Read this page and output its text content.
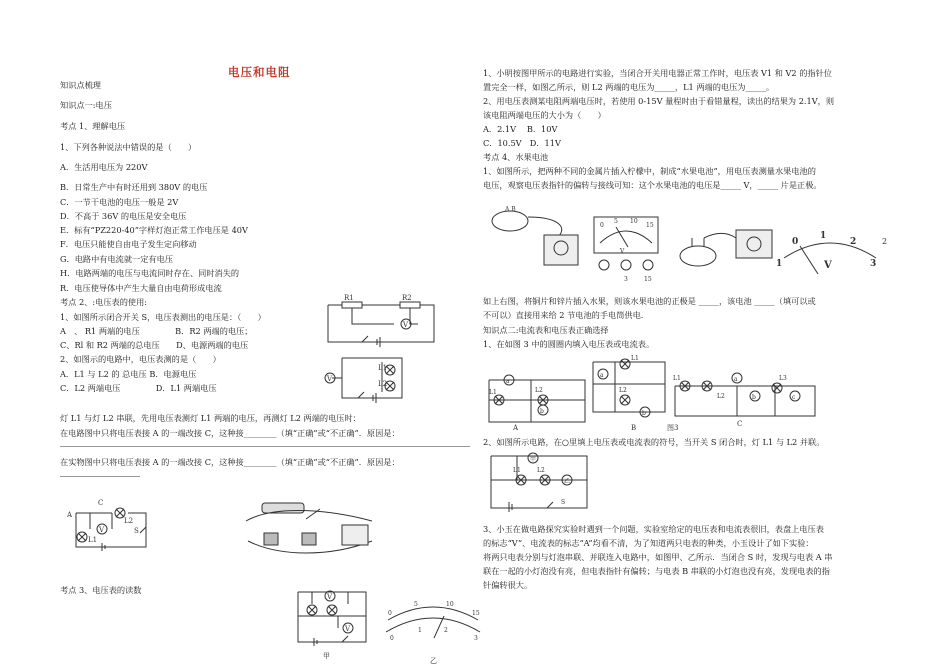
电压和电阻
知识点梳理
知识点一:电压
考点 1、理解电压
1、下列各种说法中错误的是（　　）
A．生活用电压为 220V
B．日常生产中有时还用到 380V 的电压
C．一节干电池的电压一般是 2V
D．不高于 36V 的电压是安全电压
E．标有“PZ220-40”字样灯泡正常工作电压是 40V
F．电压只能使自由电子发生定向移动
G．电路中有电流就一定有电压
H．电路两端的电压与电流同时存在、同时消失的
R．电压使导体中产生大量自由电荷形成电流
考点 2、:电压表的使用:
1、如图所示闭合开关 S，电压表测出的电压是：（　　）
A　、 R1 两端的电压　　　　 B．R2 两端的电压；
C、Rl 和 R2 两端的总电压　　D、电源两端的电压
2、如图示的电路中，电压表测的是（　　）
A．L1 与 L2 的 总电压 B．电源电压
C．L2 两端电压　　　　 D．L1 两端电压
灯 L1 与灯 L2 串联，先用电压表测灯 L1 两端的电压，再测灯 L2 两端的电压时：
在电路图中只将电压表接 A 的一端改接 C，这种接________（填“正确”或“不正确”．原因是：
在实物图中只将电压表接 A 的一端改接 C，这种接________（填“正确”或“不正确”．原因是：
考点 3、电压表的读数
1、小明按图甲所示的电路进行实验，当闭合开关用电器正常工作时，电压表 V1 和 V2 的指针位
置完全一样，如图乙所示，则 L2 两端的电压为_____，L1 两端的电压为_____。
2、用电压表测某电阻两端电压时，若使用 0-15V 量程时由于看错量程，读出的结果为 2.1V，则
该电阻两端电压的大小为（　　）
A．2.1V　 B．10V
C．10.5V　D．11V
考点 4、水果电池
1、如图所示，把两种不同的金属片插入柠檬中，制成“水果电池”，用电压表测量水果电池的
电压，观察电压表指针的偏转与接线可知：这个水果电池的电压是_____ V，_____ 片是正极。
如上右图，将铜片和锌片插入水果，则该水果电池的正极是 _____，该电池 _____（填可以或
不可以）直接用来给 2 节电池的手电筒供电.
知识点二:电流表和电压表正确选择
1、在如图 3 中的圆圈内填入电压表或电流表。
2、如图所示电路，在○里填上电压表或电流表的符号，当开关 S 闭合时，灯 L1 与 L2 并联。
3、小玉在做电路探究实验时遇到一个问题，实验室给定的电压表和电流表很旧，表盘上电压表
的标志“V”、电流表的标志“A”均看不清，为了知道两只电表的种类，小玉设计了如下实验：
将两只电表分别与灯泡串联、并联连入电路中，如图甲、乙所示．当闭合 S 时，发现与电表 A 串
联在一起的小灯泡没有亮，但电表指针有偏转；与电表 B 串联的小灯泡也没有亮，发现电表的指
针偏转很大。
V
R1	R2
V
L1
L2
V
C
A
L2
L1
S
V
V
甲
0
5	10
15
0
1	2
3
乙
A B
0
5 10
15
V
3	15
1
0
1
2
3
2
V
a
b
L1	L2
A
a
b
L1
L2
B
a
b	c
L1
L2
L3
C
图3
甲
乙
L1	L2
S
